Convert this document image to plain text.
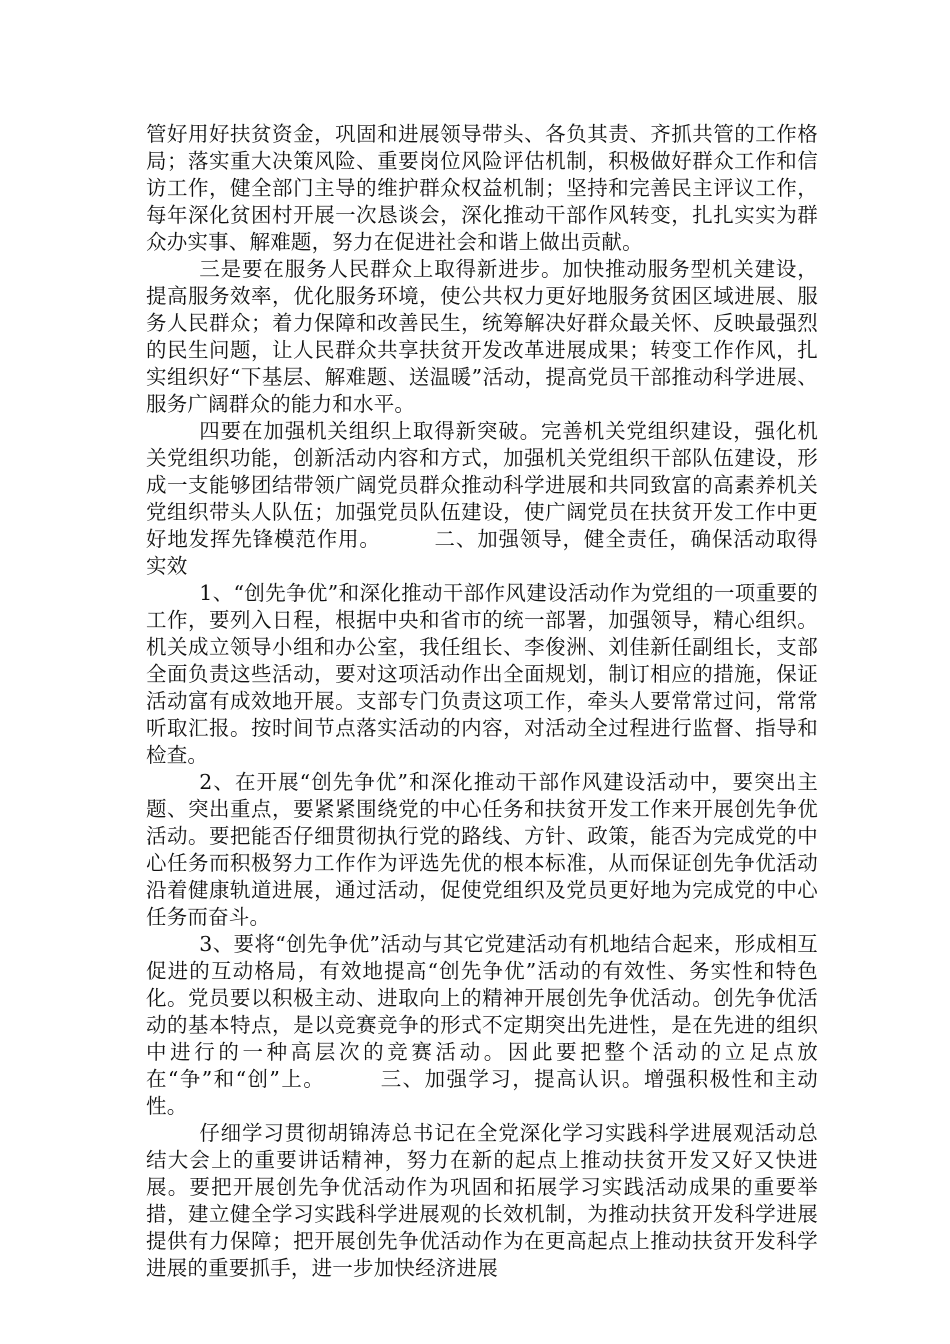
管好用好扶贫资金，巩固和进展领导带头、各负其责、齐抓共管的工作格局；落实重大决策风险、重要岗位风险评估机制，积极做好群众工作和信访工作，健全部门主导的维护群众权益机制；坚持和完善民主评议工作，每年深化贫困村开展一次恳谈会，深化推动干部作风转变，扎扎实实为群众办实事、解难题，努力在促进社会和谐上做出贡献。

三是要在服务人民群众上取得新进步。加快推动服务型机关建设，提高服务效率，优化服务环境，使公共权力更好地服务贫困区域进展、服务人民群众；着力保障和改善民生，统筹解决好群众最关怀、反映最强烈的民生问题，让人民群众共享扶贫开发改革进展成果；转变工作作风，扎实组织好“下基层、解难题、送温暖”活动，提高党员干部推动科学进展、服务广阔群众的能力和水平。

四要在加强机关组织上取得新突破。完善机关党组织建设，强化机关党组织功能，创新活动内容和方式，加强机关党组织干部队伍建设，形成一支能够团结带领广阔党员群众推动科学进展和共同致富的高素养机关党组织带头人队伍；加强党员队伍建设，使广阔党员在扶贫开发工作中更好地发挥先锋模范作用。　　　二、加强领导，健全责任，确保活动取得实效

1、“创先争优”和深化推动干部作风建设活动作为党组的一项重要的工作，要列入日程，根据中央和省市的统一部署，加强领导，精心组织。机关成立领导小组和办公室，我任组长、李俊洲、刘佳新任副组长，支部全面负责这些活动，要对这项活动作出全面规划，制订相应的措施，保证活动富有成效地开展。支部专门负责这项工作，牵头人要常常过问，常常听取汇报。按时间节点落实活动的内容，对活动全过程进行监督、指导和检查。

2、在开展“创先争优”和深化推动干部作风建设活动中，要突出主题、突出重点，要紧紧围绕党的中心任务和扶贫开发工作来开展创先争优活动。要把能否仔细贯彻执行党的路线、方针、政策，能否为完成党的中心任务而积极努力工作作为评选先优的根本标准，从而保证创先争优活动沿着健康轨道进展，通过活动，促使党组织及党员更好地为完成党的中心任务而奋斗。

3、要将“创先争优”活动与其它党建活动有机地结合起来，形成相互促进的互动格局，有效地提高“创先争优”活动的有效性、务实性和特色化。党员要以积极主动、进取向上的精神开展创先争优活动。创先争优活动的基本特点，是以竞赛竞争的形式不定期突出先进性，是在先进的组织中进行的一种高层次的竞赛活动。因此要把整个活动的立足点放在“争”和“创”上。　　　三、加强学习，提高认识。增强积极性和主动性。

仔细学习贯彻胡锦涛总书记在全党深化学习实践科学进展观活动总结大会上的重要讲话精神，努力在新的起点上推动扶贫开发又好又快进展。要把开展创先争优活动作为巩固和拓展学习实践活动成果的重要举措，建立健全学习实践科学进展观的长效机制，为推动扶贫开发科学进展提供有力保障；把开展创先争优活动作为在更高起点上推动扶贫开发科学进展的重要抓手，进一步加快经济进展
